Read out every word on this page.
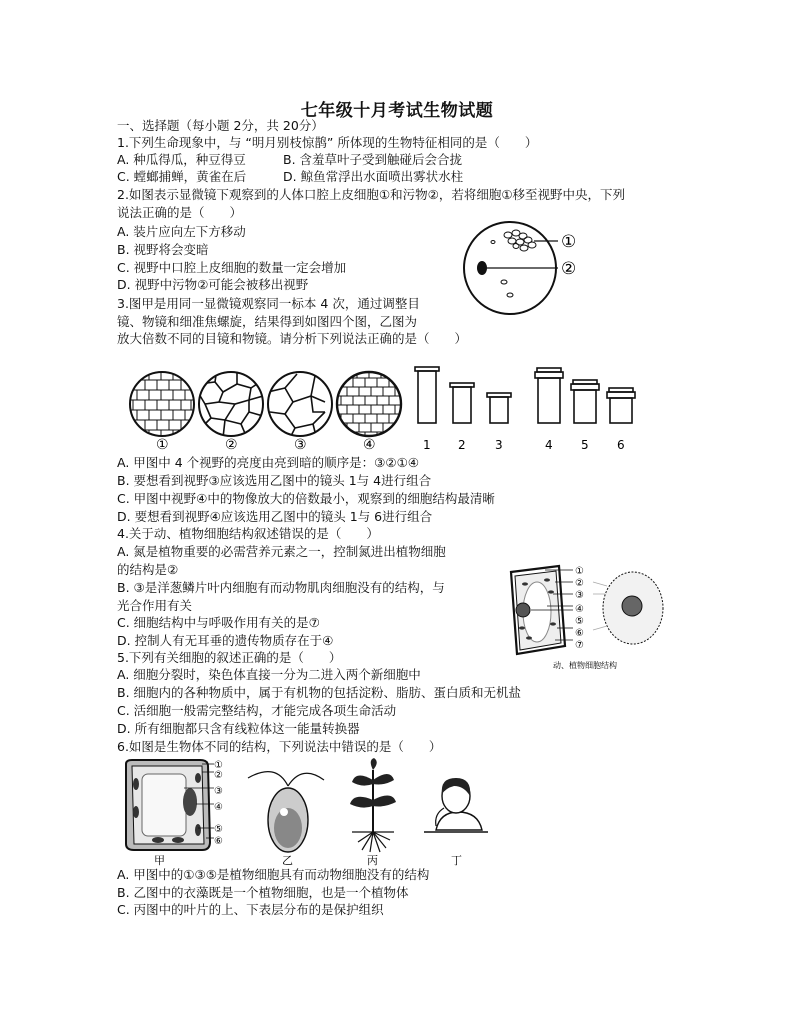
七年级十月考试生物试题
一、选择题（每小题 2分，共 20分）
1.下列生命现象中，与 “明月别枝惊鹊” 所体现的生物特征相同的是（　　）
A. 种瓜得瓜，种豆得豆	B. 含羞草叶子受到触碰后会合拢
C. 螳螂捕蝉，黄雀在后	D. 鲸鱼常浮出水面喷出雾状水柱
2.如图表示显微镜下观察到的人体口腔上皮细胞①和污物②，若将细胞①移至视野中央，下列
说法正确的是（　　）
A. 装片应向左下方移动
B. 视野将会变暗
C. 视野中口腔上皮细胞的数量一定会增加
D. 视野中污物②可能会被移出视野
①
②
3.图甲是用同一显微镜观察同一标本 4 次，通过调整目
镜、物镜和细准焦螺旋，结果得到如图四个图，乙图为
放大倍数不同的目镜和物镜。请分析下列说法正确的是（　　）
①	②	③	④	1 2 3	4 5 6
A. 甲图中 4 个视野的亮度由亮到暗的顺序是：③②①④
B. 要想看到视野③应该选用乙图中的镜头 1与 4进行组合
C. 甲图中视野④中的物像放大的倍数最小，观察到的细胞结构最清晰
D. 要想看到视野④应该选用乙图中的镜头 1与 6进行组合
4.关于动、植物细胞结构叙述错误的是（　　）
A. 氮是植物重要的必需营养元素之一，控制氮进出植物细胞
的结构是②
B. ③是洋葱鳞片叶内细胞有而动物肌肉细胞没有的结构，与
光合作用有关
C. 细胞结构中与呼吸作用有关的是⑦
D. 控制人有无耳垂的遗传物质存在于④
①
②
③
④
⑤
⑥
⑦
动、植物细胞结构
5.下列有关细胞的叙述正确的是（　　）
A. 细胞分裂时，染色体直接一分为二进入两个新细胞中
B. 细胞内的各种物质中，属于有机物的包括淀粉、脂肪、蛋白质和无机盐
C. 活细胞一般需完整结构，才能完成各项生命活动
D. 所有细胞都只含有线粒体这一能量转换器
6.如图是生物体不同的结构，下列说法中错误的是（　　）
①
②
③
④
⑤
⑥
甲	乙	丙	丁
A. 甲图中的①③⑤是植物细胞具有而动物细胞没有的结构
B. 乙图中的衣藻既是一个植物细胞，也是一个植物体
C. 丙图中的叶片的上、下表层分布的是保护组织
